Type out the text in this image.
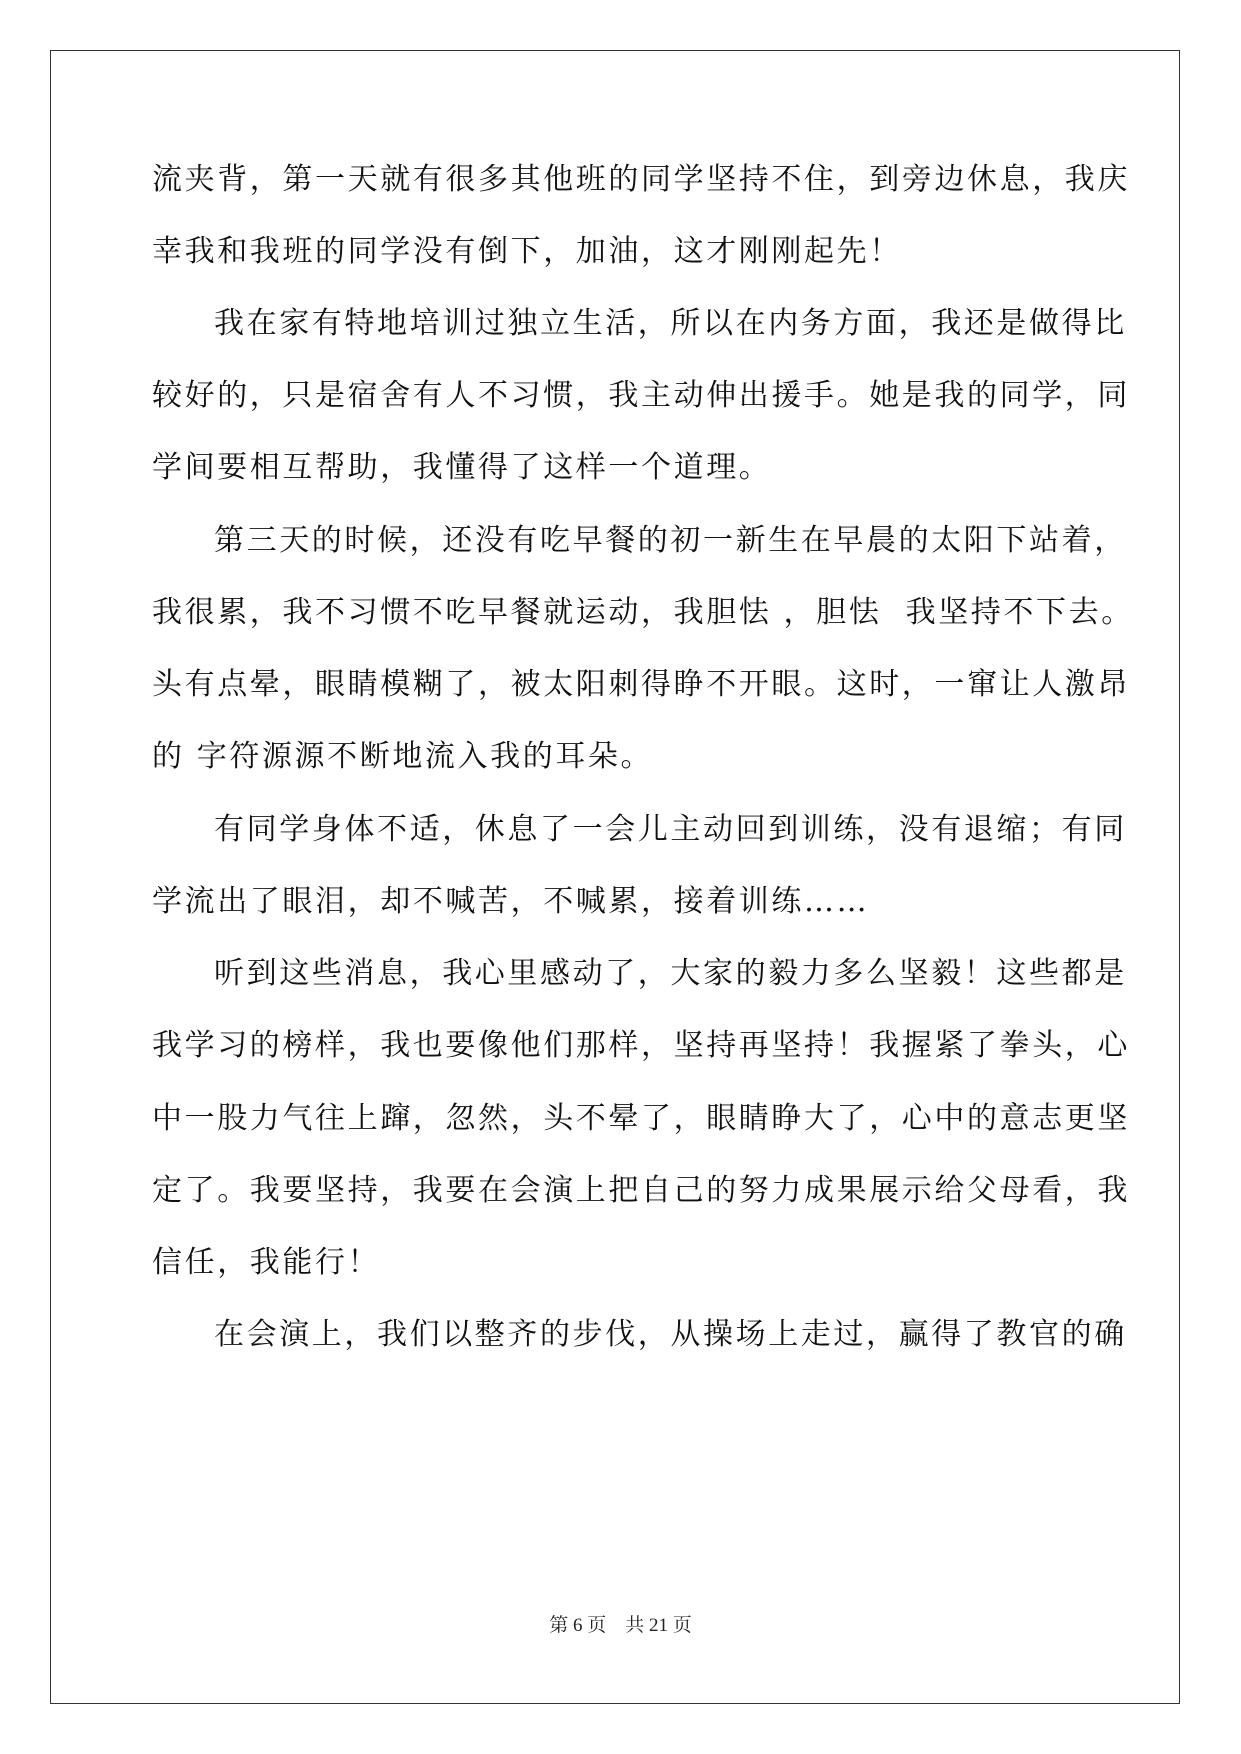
流夹背，第一天就有很多其他班的同学坚持不住，到旁边休息，我庆
幸我和我班的同学没有倒下，加油，这才刚刚起先！
我在家有特地培训过独立生活，所以在内务方面，我还是做得比
较好的，只是宿舍有人不习惯，我主动伸出援手。她是我的同学，同
学间要相互帮助，我懂得了这样一个道理。
第三天的时候，还没有吃早餐的初一新生在早晨的太阳下站着，
我很累，我不习惯不吃早餐就运动，我胆怯 ，胆怯  我坚持不下去。
头有点晕，眼睛模糊了，被太阳刺得睁不开眼。这时，一窜让人激昂
的 字符源源不断地流入我的耳朵。
有同学身体不适，休息了一会儿主动回到训练，没有退缩；有同
学流出了眼泪，却不喊苦，不喊累，接着训练……
听到这些消息，我心里感动了，大家的毅力多么坚毅！这些都是
我学习的榜样，我也要像他们那样，坚持再坚持！我握紧了拳头，心
中一股力气往上蹿，忽然，头不晕了，眼睛睁大了，心中的意志更坚
定了。我要坚持，我要在会演上把自己的努力成果展示给父母看，我
信任，我能行！
在会演上，我们以整齐的步伐，从操场上走过，赢得了教官的确
第 6 页　共 21 页
